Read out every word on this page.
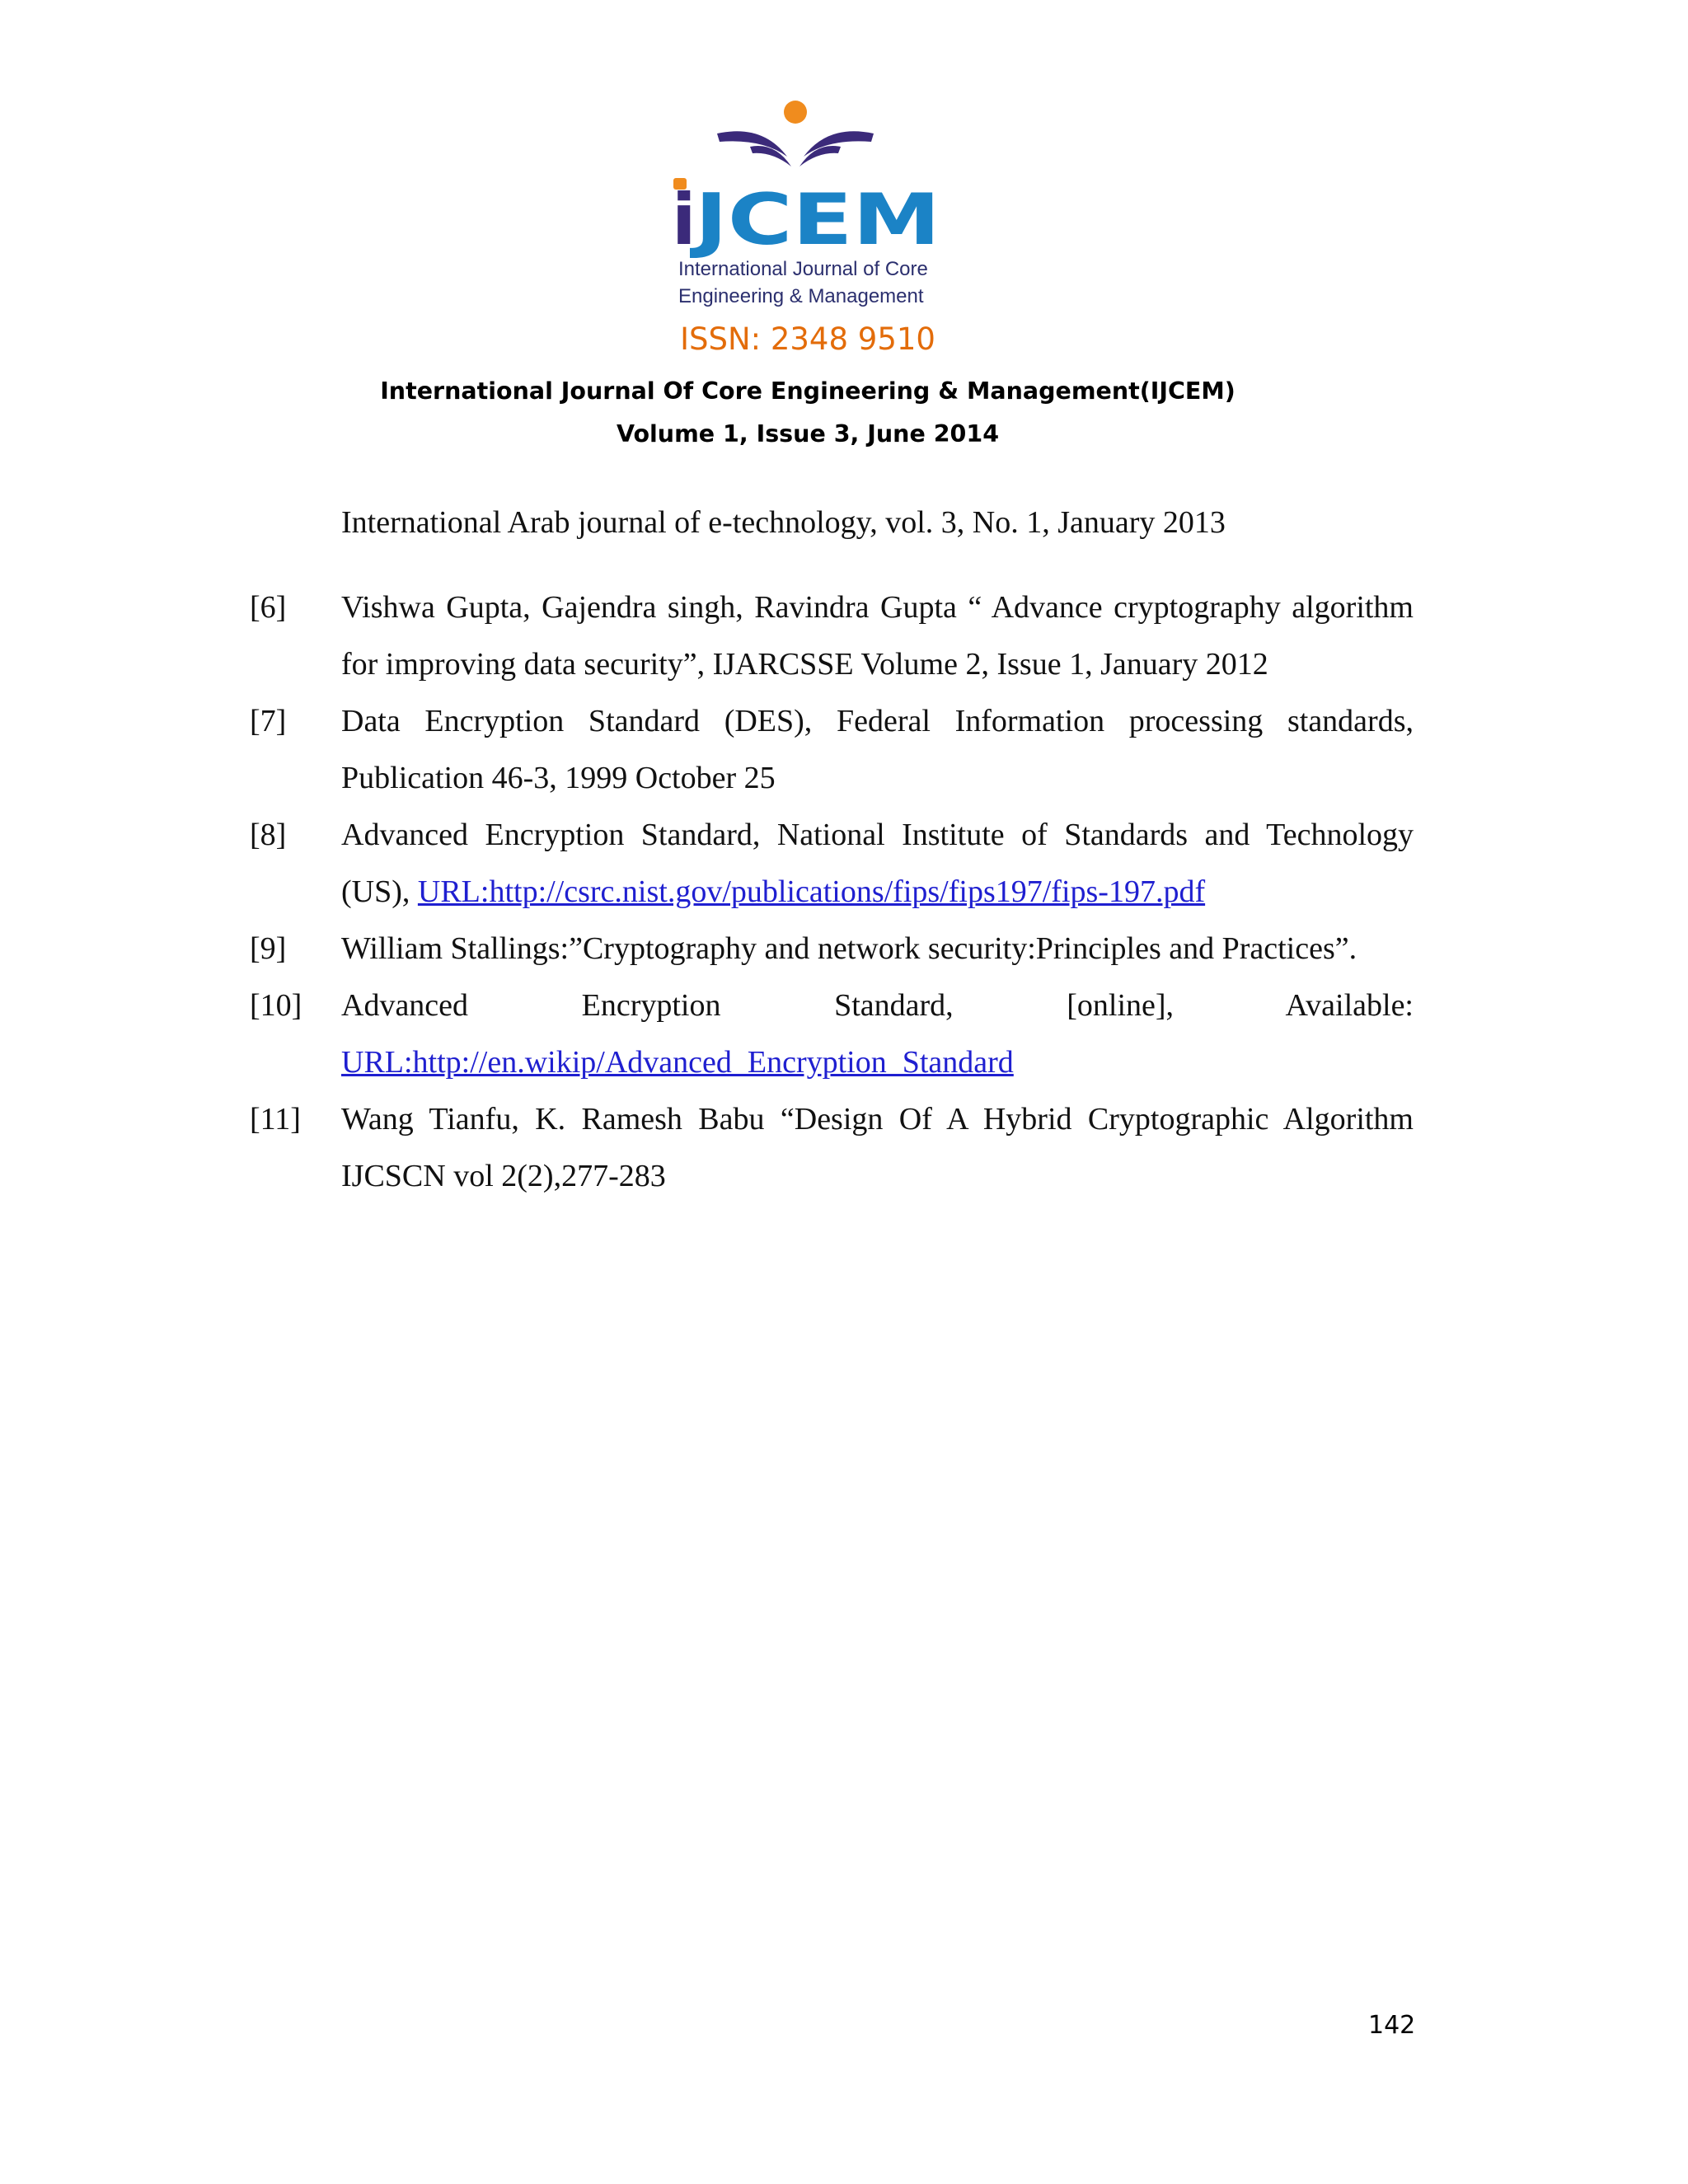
i
JCEM
International Journal of Core
Engineering & Management
ISSN: 2348 9510
International Journal Of Core Engineering & Management(IJCEM)
Volume 1, Issue 3, June 2014
International Arab journal of e-technology, vol. 3, No. 1, January 2013
[6]	Vishwa Gupta, Gajendra singh, Ravindra Gupta “ Advance cryptography algorithm for improving data security”, IJARCSSE Volume 2, Issue 1, January 2012
[7]	Data Encryption Standard (DES), Federal Information processing standards, Publication 46-3, 1999 October 25
[8]	Advanced Encryption Standard, National Institute of Standards and Technology (US), URL:http://csrc.nist.gov/publications/fips/fips197/fips-197.pdf
[9]	William Stallings:”Cryptography and network security:Principles and Practices”.
[10]	Advanced Encryption Standard, [online], Available:
URL:http://en.wikip/Advanced_Encryption_Standard
[11]	Wang Tianfu, K. Ramesh Babu “Design Of A Hybrid Cryptographic Algorithm IJCSCN vol 2(2),277-283
142
